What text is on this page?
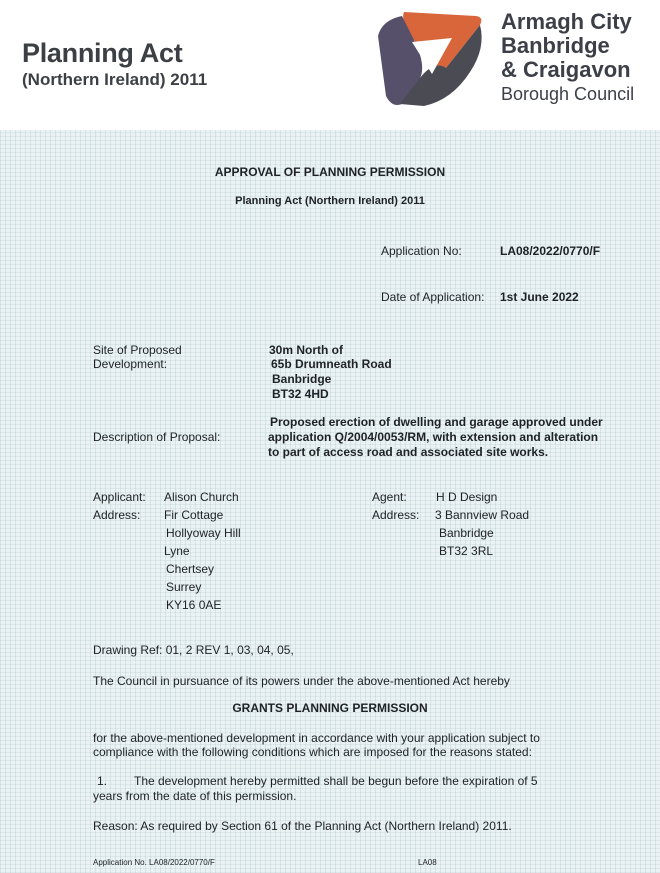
Planning Act
(Northern Ireland) 2011
Armagh City
Banbridge
& Craigavon
Borough Council
APPROVAL OF PLANNING PERMISSION
Planning Act (Northern Ireland) 2011
Application No:	LA08/2022/0770/F
Date of Application: 1st June 2022
Site of Proposed
Development:
30m North of
65b Drumneath Road
Banbridge
BT32 4HD
Proposed erection of dwelling and garage approved under
Description of Proposal:	application Q/2004/0053/RM, with extension and alteration
to part of access road and associated site works.
Applicant: Alison Church
Address: Fir Cottage
Hollyoway Hill
Lyne
Chertsey
Surrey
KY16 0AE
Agent: H D Design
Address: 3 Bannview Road
Banbridge
BT32 3RL
Drawing Ref: 01, 2 REV 1, 03, 04, 05,
The Council in pursuance of its powers under the above-mentioned Act hereby
GRANTS PLANNING PERMISSION
for the above-mentioned development in accordance with your application subject to
compliance with the following conditions which are imposed for the reasons stated:
1. The development hereby permitted shall be begun before the expiration of 5
years from the date of this permission.
Reason: As required by Section 61 of the Planning Act (Northern Ireland) 2011.
Application No. LA08/2022/0770/F	LA08
